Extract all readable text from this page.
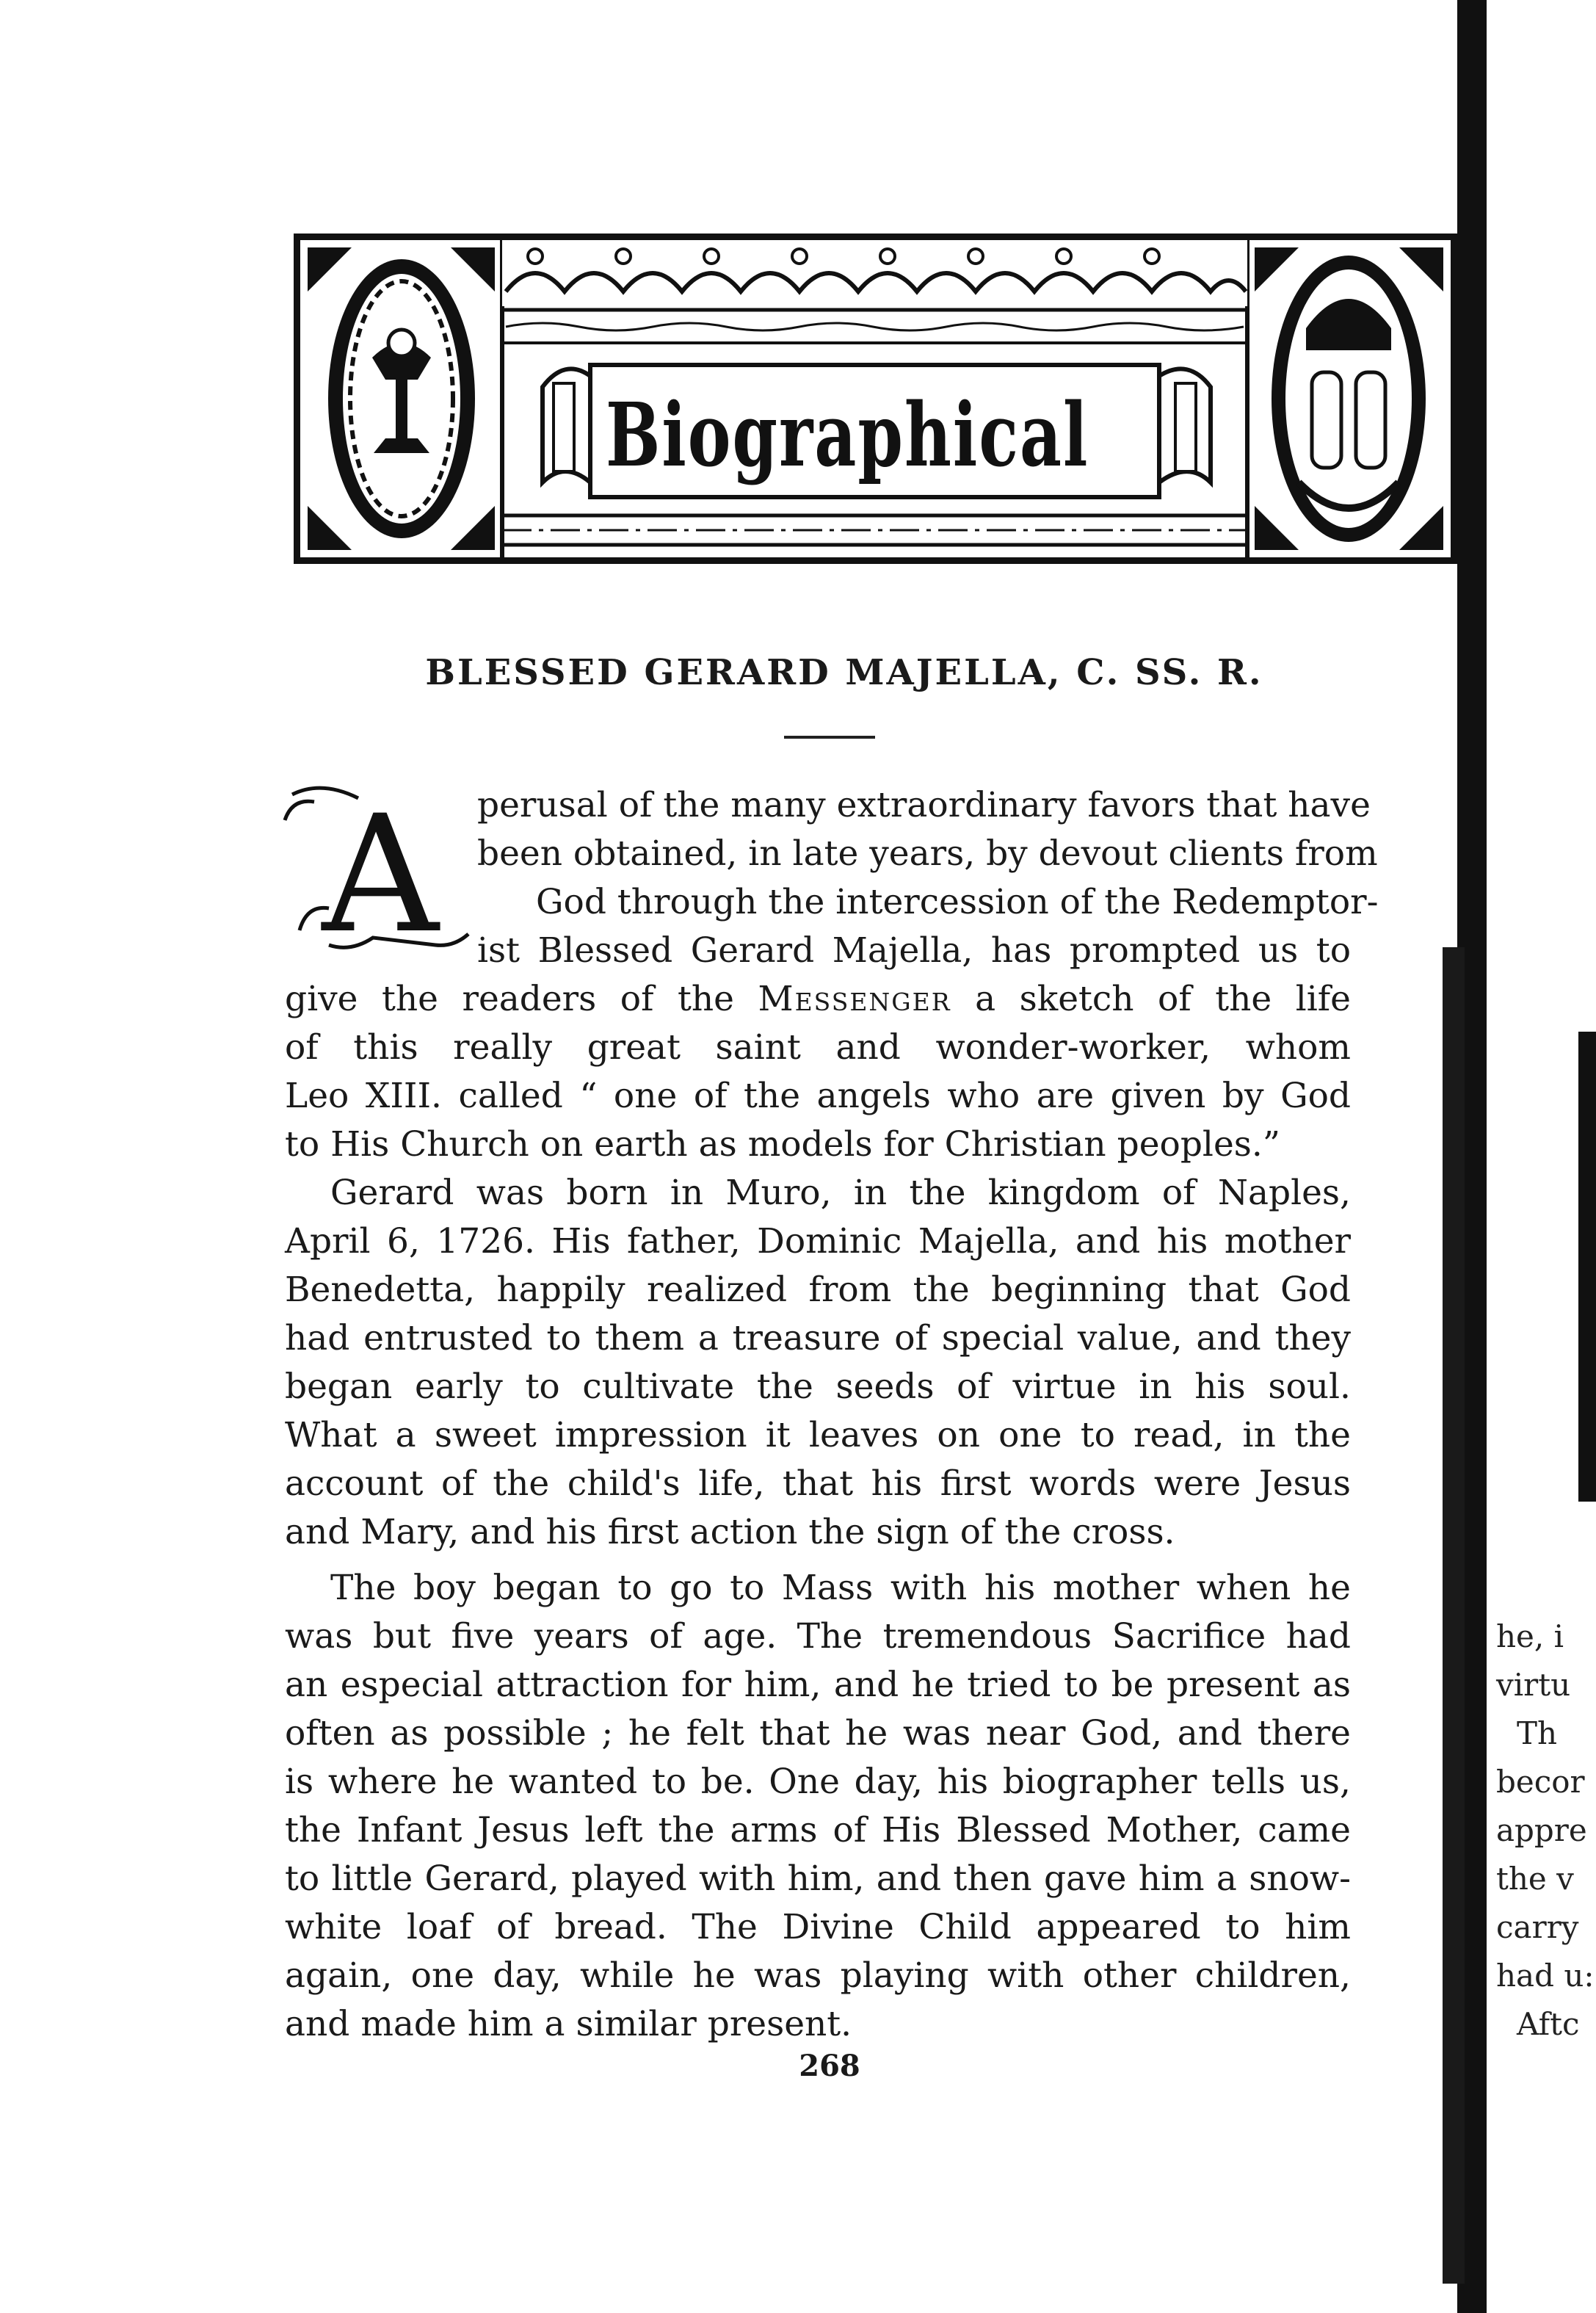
Biographical
BLESSED GERARD MAJELLA, C. SS. R.
A perusal of the many extraordinary favors that have
been obtained, in late years, by devout clients from
God through the intercession of the Redemptor-
ist Blessed Gerard Majella, has prompted us to
give the readers of the Messenger a sketch of the life
of this really great saint and wonder-worker, whom
Leo XIII. called “ one of the angels who are given by God
to His Church on earth as models for Christian peoples.”
Gerard was born in Muro, in the kingdom of Naples,
April 6, 1726. His father, Dominic Majella, and his mother
Benedetta, happily realized from the beginning that God
had entrusted to them a treasure of special value, and they
began early to cultivate the seeds of virtue in his soul.
What a sweet impression it leaves on one to read, in the
account of the child's life, that his first words were Jesus
and Mary, and his first action the sign of the cross.
The boy began to go to Mass with his mother when he
was but five years of age. The tremendous Sacrifice had
an especial attraction for him, and he tried to be present as
often as possible ; he felt that he was near God, and there
is where he wanted to be. One day, his biographer tells us,
the Infant Jesus left the arms of His Blessed Mother, came
to little Gerard, played with him, and then gave him a snow-
white loaf of bread. The Divine Child appeared to him
again, one day, while he was playing with other children,
and made him a similar present.
268
he, i
virtu
Th
becor
appre
the v
carry
had u:
Aftc
